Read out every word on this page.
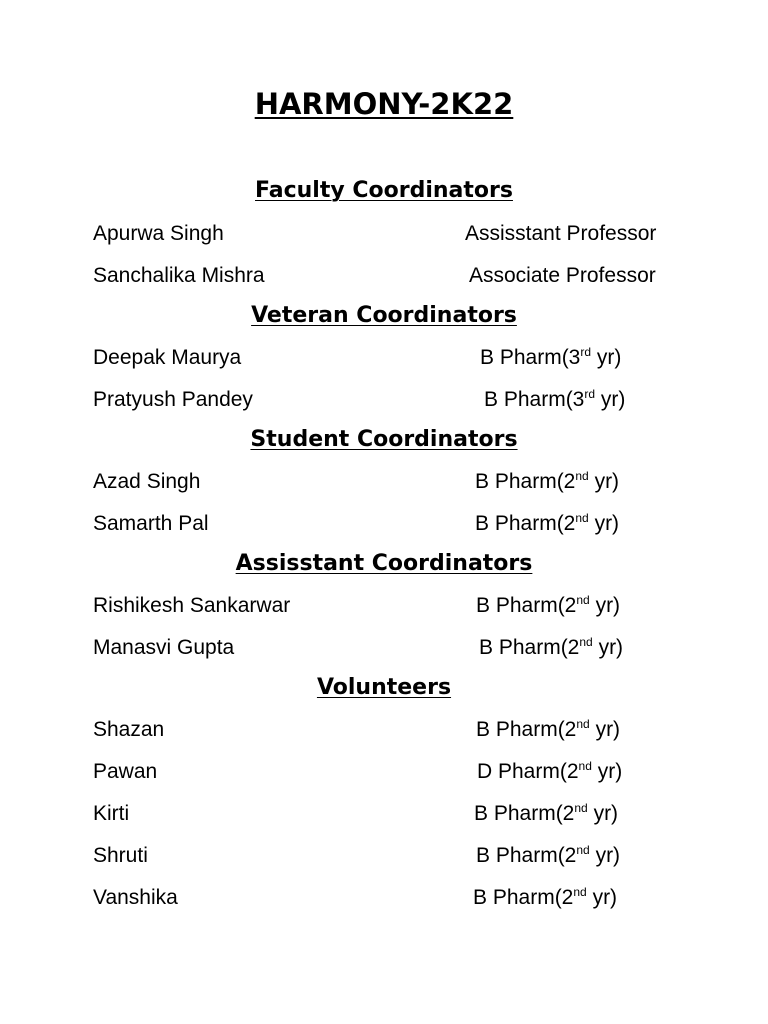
HARMONY-2K22
Faculty Coordinators
Apurwa Singh	Assisstant Professor
Sanchalika Mishra	Associate Professor
Veteran Coordinators
Deepak Maurya	B Pharm(3rd yr)
Pratyush Pandey	B Pharm(3rd yr)
Student Coordinators
Azad Singh	B Pharm(2nd yr)
Samarth Pal	B Pharm(2nd yr)
Assisstant Coordinators
Rishikesh Sankarwar	B Pharm(2nd yr)
Manasvi Gupta	B Pharm(2nd yr)
Volunteers
Shazan	B Pharm(2nd yr)
Pawan	D Pharm(2nd yr)
Kirti	B Pharm(2nd yr)
Shruti	B Pharm(2nd yr)
Vanshika	B Pharm(2nd yr)
